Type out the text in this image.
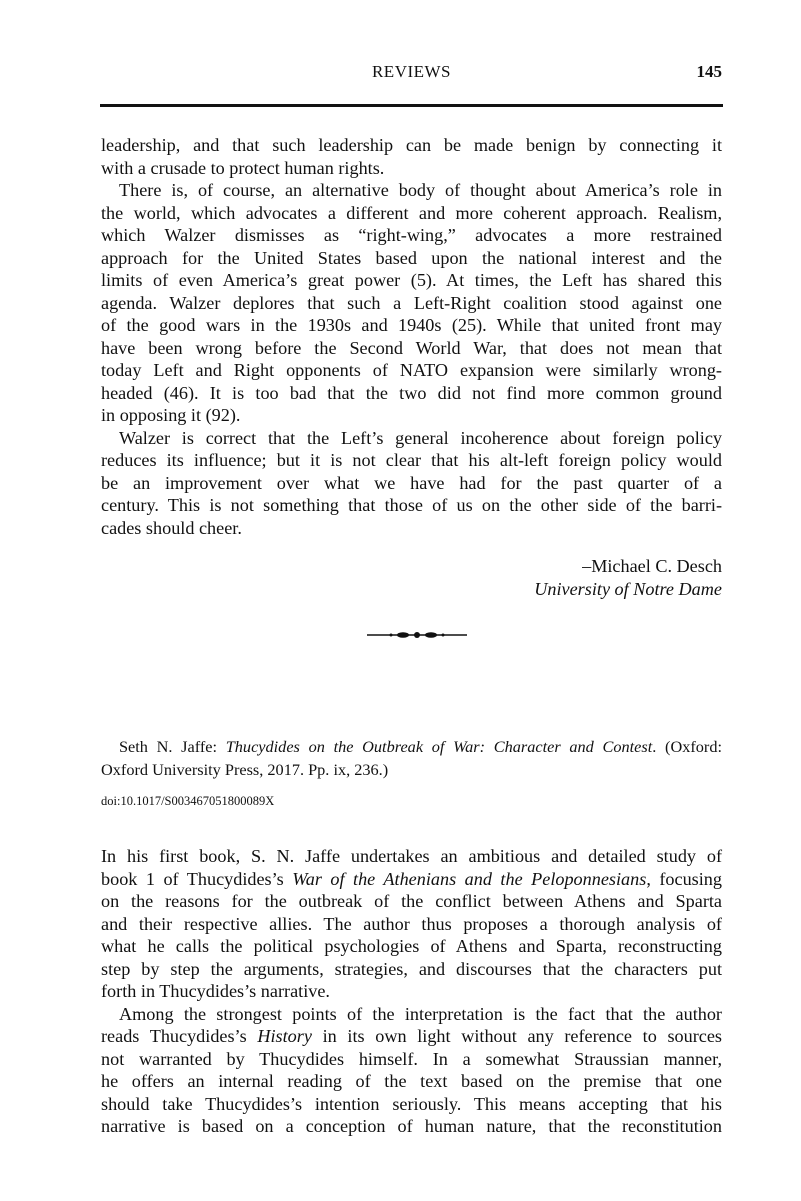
REVIEWS	145
leadership, and that such leadership can be made benign by connecting it
with a crusade to protect human rights.
There is, of course, an alternative body of thought about America’s role in
the world, which advocates a different and more coherent approach. Realism,
which Walzer dismisses as “right-wing,” advocates a more restrained
approach for the United States based upon the national interest and the
limits of even America’s great power (5). At times, the Left has shared this
agenda. Walzer deplores that such a Left-Right coalition stood against one
of the good wars in the 1930s and 1940s (25). While that united front may
have been wrong before the Second World War, that does not mean that
today Left and Right opponents of NATO expansion were similarly wrong-
headed (46). It is too bad that the two did not find more common ground
in opposing it (92).
Walzer is correct that the Left’s general incoherence about foreign policy
reduces its influence; but it is not clear that his alt-left foreign policy would
be an improvement over what we have had for the past quarter of a
century. This is not something that those of us on the other side of the barri-
cades should cheer.
–Michael C. Desch
University of Notre Dame
Seth N. Jaffe: Thucydides on the Outbreak of War: Character and Contest. (Oxford:
Oxford University Press, 2017. Pp. ix, 236.)
doi:10.1017/S003467051800089X
In his first book, S. N. Jaffe undertakes an ambitious and detailed study of
book 1 of Thucydides’s War of the Athenians and the Peloponnesians, focusing
on the reasons for the outbreak of the conflict between Athens and Sparta
and their respective allies. The author thus proposes a thorough analysis of
what he calls the political psychologies of Athens and Sparta, reconstructing
step by step the arguments, strategies, and discourses that the characters put
forth in Thucydides’s narrative.
Among the strongest points of the interpretation is the fact that the author
reads Thucydides’s History in its own light without any reference to sources
not warranted by Thucydides himself. In a somewhat Straussian manner,
he offers an internal reading of the text based on the premise that one
should take Thucydides’s intention seriously. This means accepting that his
narrative is based on a conception of human nature, that the reconstitution
